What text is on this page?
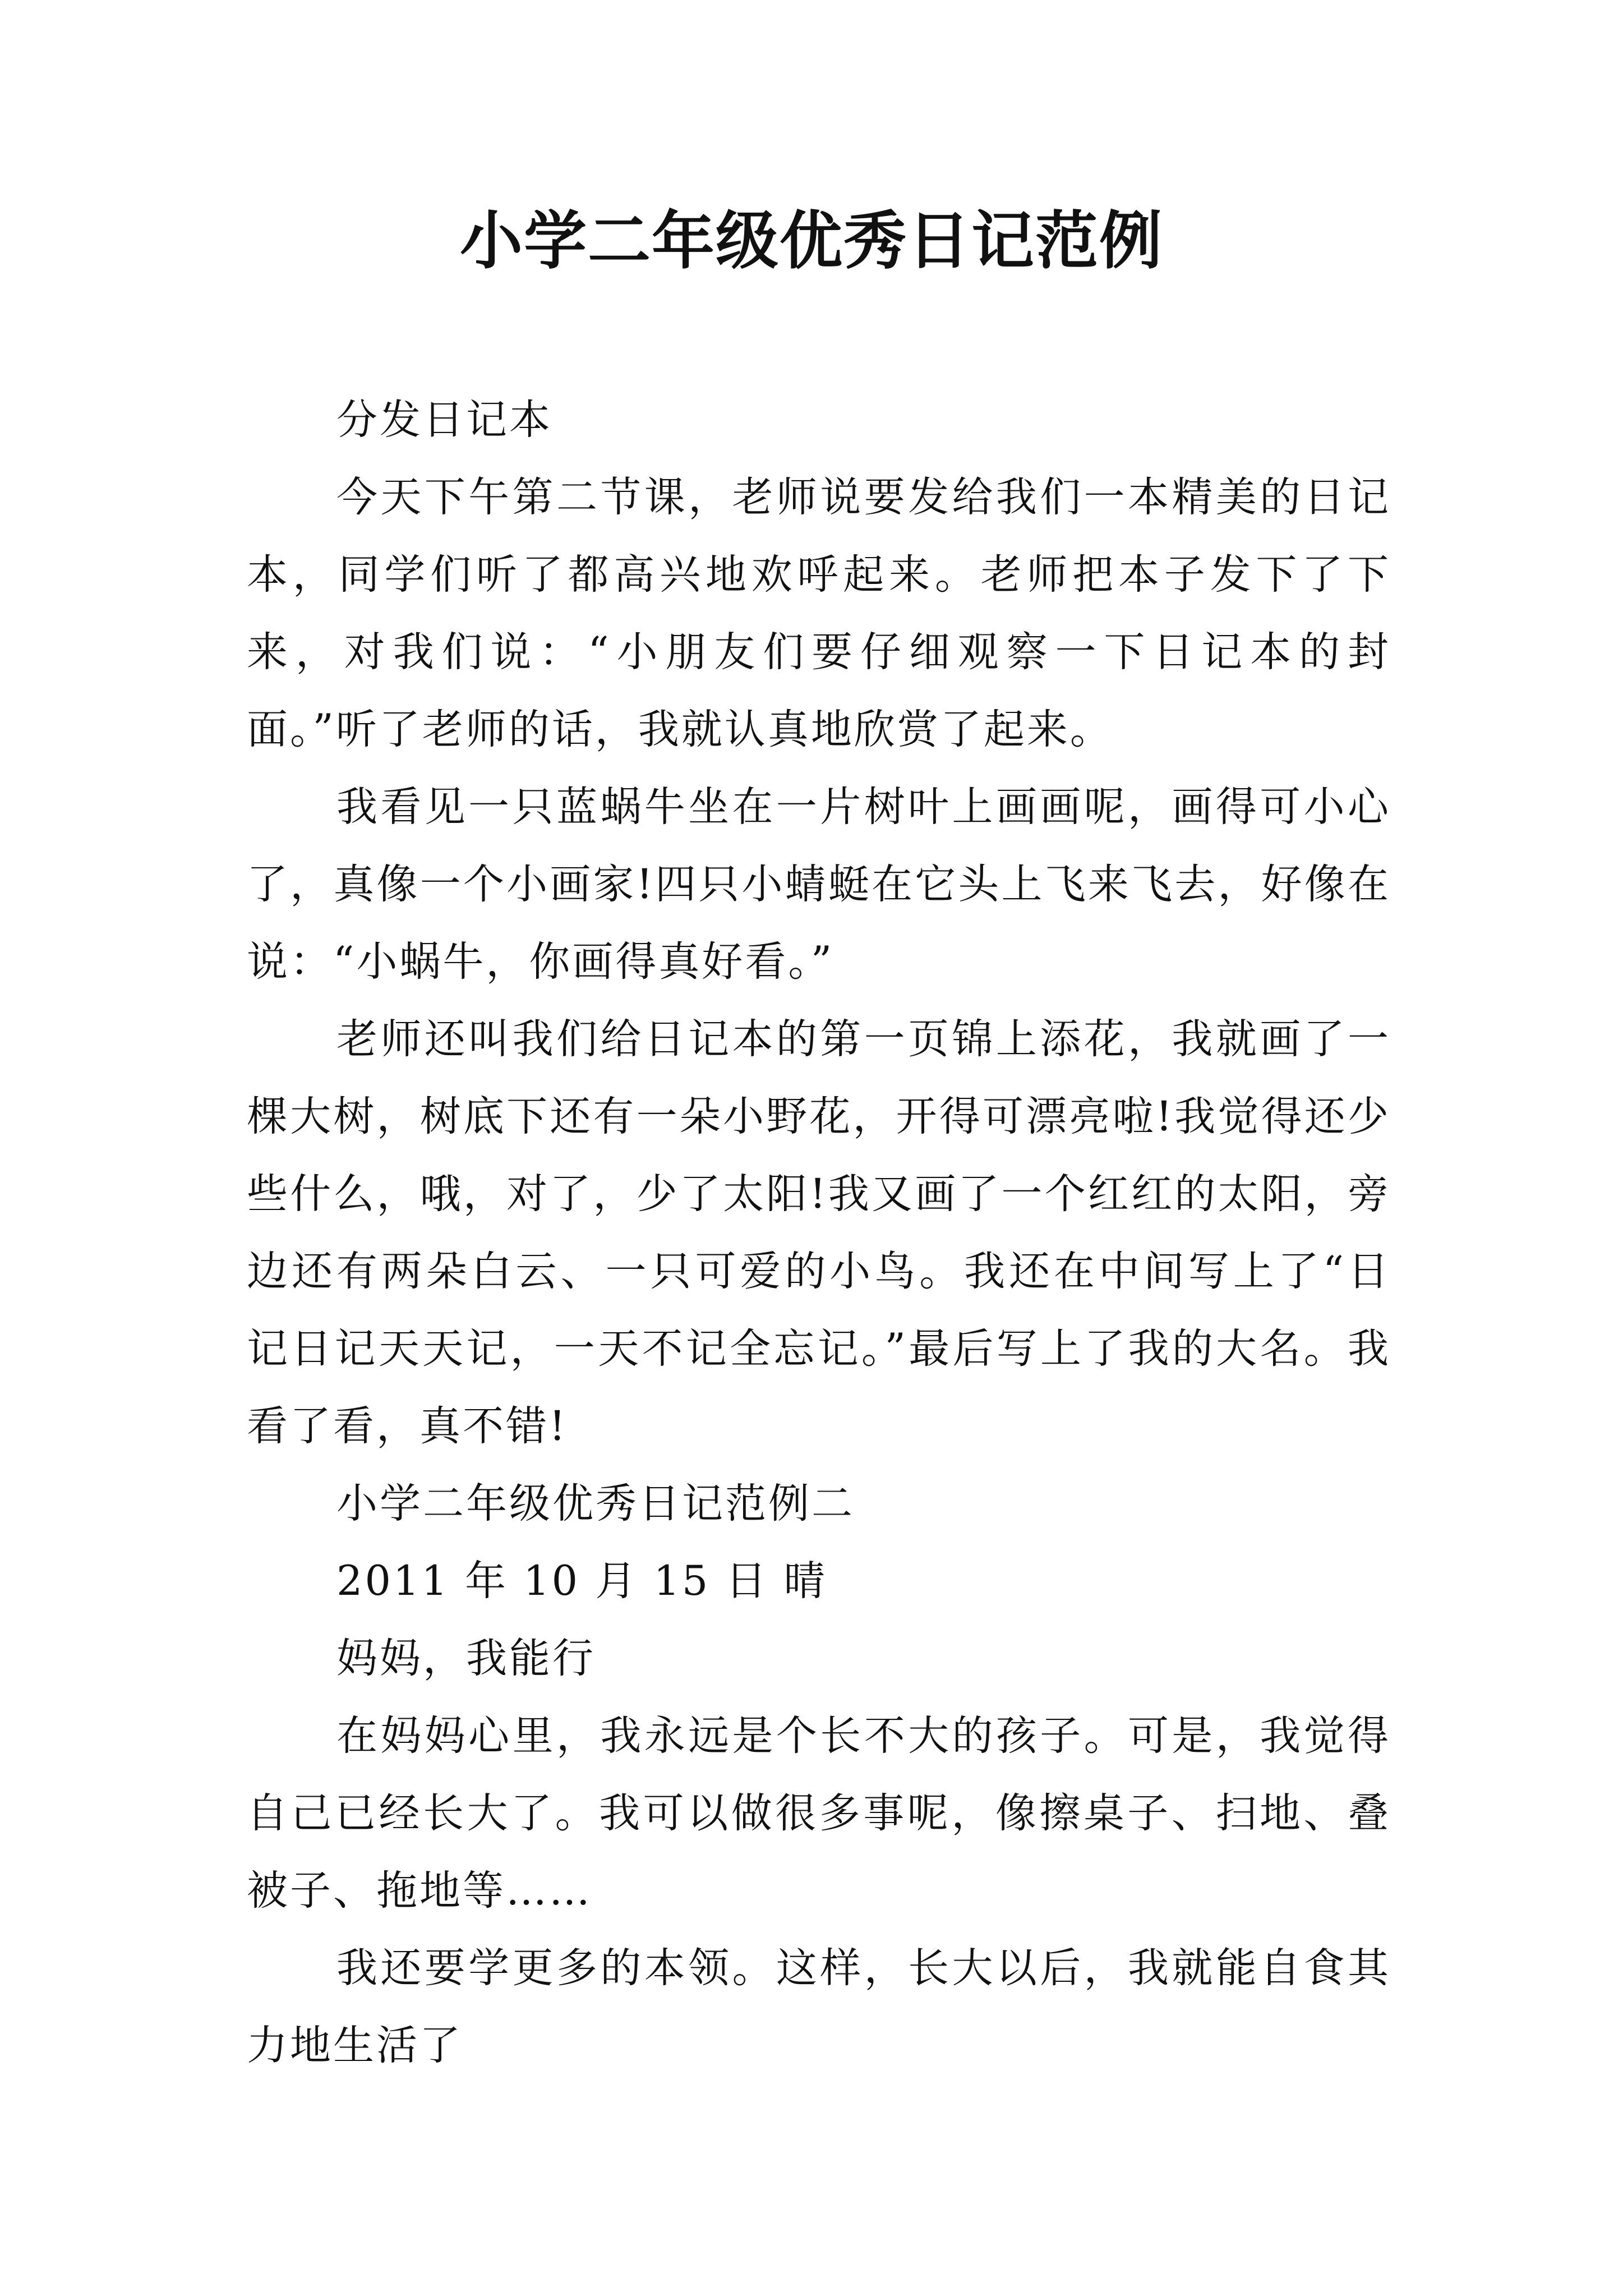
小学二年级优秀日记范例

分发日记本

今天下午第二节课，老师说要发给我们一本精美的日记本，同学们听了都高兴地欢呼起来。老师把本子发下了下来，对我们说：“小朋友们要仔细观察一下日记本的封面。”听了老师的话，我就认真地欣赏了起来。

我看见一只蓝蜗牛坐在一片树叶上画画呢，画得可小心了，真像一个小画家!四只小蜻蜓在它头上飞来飞去，好像在说：“小蜗牛，你画得真好看。”

老师还叫我们给日记本的第一页锦上添花，我就画了一棵大树，树底下还有一朵小野花，开得可漂亮啦!我觉得还少些什么，哦，对了，少了太阳!我又画了一个红红的太阳，旁边还有两朵白云、一只可爱的小鸟。我还在中间写上了“日记日记天天记，一天不记全忘记。”最后写上了我的大名。我看了看，真不错!

小学二年级优秀日记范例二

2011 年 10 月 15 日 晴

妈妈，我能行

在妈妈心里，我永远是个长不大的孩子。可是，我觉得自己已经长大了。我可以做很多事呢，像擦桌子、扫地、叠被子、拖地等……

我还要学更多的本领。这样，长大以后，我就能自食其力地生活了
